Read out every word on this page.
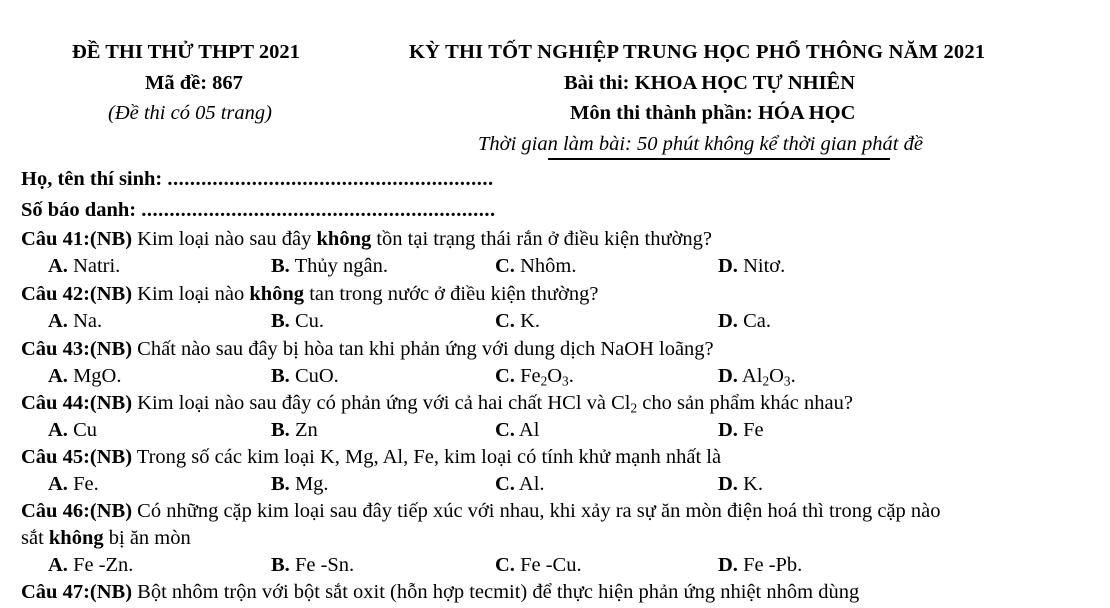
ĐỀ THI THỬ THPT 2021
Mã đề: 867
(Đề thi có 05 trang)
KỲ THI TỐT NGHIỆP TRUNG HỌC PHỔ THÔNG NĂM 2021
Bài thi: KHOA HỌC TỰ NHIÊN
Môn thi thành phần: HÓA HỌC
Thời gian làm bài: 50 phút không kể thời gian phát đề
Họ, tên thí sinh: ..........................................................
Số báo danh: ...............................................................
Câu 41:(NB) Kim loại nào sau đây không tồn tại trạng thái rắn ở điều kiện thường?
A. Natri.	B. Thủy ngân.	C. Nhôm.	D. Nitơ.
Câu 42:(NB) Kim loại nào không tan trong nước ở điều kiện thường?
A. Na.	B. Cu.	C. K.	D. Ca.
Câu 43:(NB) Chất nào sau đây bị hòa tan khi phản ứng với dung dịch NaOH loãng?
A. MgO.	B. CuO.	C. $Fe_2O_3$.	D. $Al_2O_3$.
Câu 44:(NB) Kim loại nào sau đây có phản ứng với cả hai chất HCl và $Cl_2$ cho sản phẩm khác nhau?
A. Cu	B. Zn	C. Al	D. Fe
Câu 45:(NB) Trong số các kim loại K, Mg, Al, Fe, kim loại có tính khử mạnh nhất là
A. Fe.	B. Mg.	C. Al.	D. K.
Câu 46:(NB) Có những cặp kim loại sau đây tiếp xúc với nhau, khi xảy ra sự ăn mòn điện hoá thì trong cặp nào
sắt không bị ăn mòn
A. Fe -Zn.	B. Fe -Sn.	C. Fe -Cu.	D. Fe -Pb.
Câu 47:(NB) Bột nhôm trộn với bột sắt oxit (hỗn hợp tecmit) để thực hiện phản ứng nhiệt nhôm dùng
